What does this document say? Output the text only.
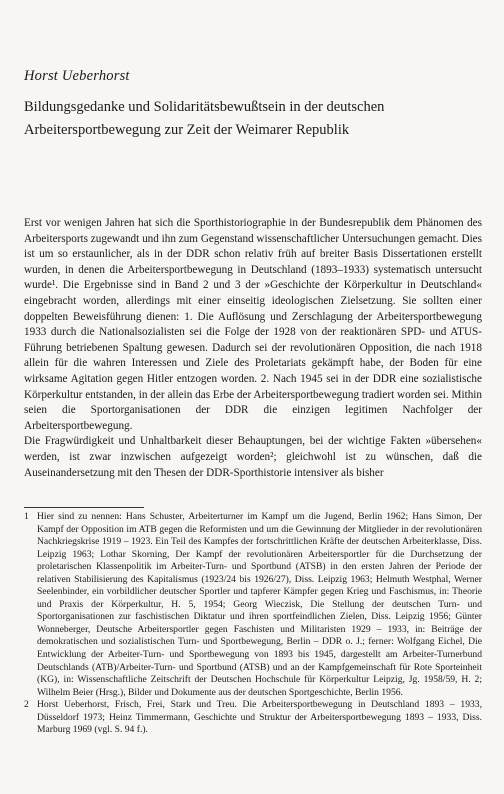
Horst Ueberhorst
Bildungsgedanke und Solidaritätsbewußtsein in der deutschen
Arbeitersportbewegung zur Zeit der Weimarer Republik

Erst vor wenigen Jahren hat sich die Sporthistoriographie in der Bundesrepublik dem Phänomen des Arbeitersports zugewandt und ihn zum Gegenstand wissenschaftlicher Untersuchungen gemacht. Dies ist um so erstaunlicher, als in der DDR schon relativ früh auf breiter Basis Dissertationen erstellt wurden, in denen die Arbeitersportbewegung in Deutschland (1893–1933) systematisch untersucht wurde¹. Die Ergebnisse sind in Band 2 und 3 der »Geschichte der Körperkultur in Deutschland« eingebracht worden, allerdings mit einer einseitig ideologischen Zielsetzung. Sie sollten einer doppelten Beweisführung dienen: 1. Die Auflösung und Zerschlagung der Arbeitersportbewegung 1933 durch die Nationalsozialisten sei die Folge der 1928 von der reaktionären SPD- und ATUS-Führung betriebenen Spaltung gewesen. Dadurch sei der revolutionären Opposition, die nach 1918 allein für die wahren Interessen und Ziele des Proletariats gekämpft habe, der Boden für eine wirksame Agitation gegen Hitler entzogen worden. 2. Nach 1945 sei in der DDR eine sozialistische Körperkultur entstanden, in der allein das Erbe der Arbeitersportbewegung tradiert worden sei. Mithin seien die Sportorganisationen der DDR die einzigen legitimen Nachfolger der Arbeitersportbewegung.

Die Fragwürdigkeit und Unhaltbarkeit dieser Behauptungen, bei der wichtige Fakten »übersehen« werden, ist zwar inzwischen aufgezeigt worden²; gleichwohl ist zu wünschen, daß die Auseinandersetzung mit den Thesen der DDR-Sporthistorie intensiver als bisher

1 Hier sind zu nennen: Hans Schuster, Arbeiterturner im Kampf um die Jugend, Berlin 1962; Hans Simon, Der Kampf der Opposition im ATB gegen die Reformisten und um die Gewinnung der Mitglieder in der revolutionären Nachkriegskrise 1919 – 1923. Ein Teil des Kampfes der fortschrittlichen Kräfte der deutschen Arbeiterklasse, Diss. Leipzig 1963; Lothar Skorning, Der Kampf der revolutionären Arbeitersportler für die Durchsetzung der proletarischen Klassenpolitik im Arbeiter-Turn- und Sportbund (ATSB) in den ersten Jahren der Periode der relativen Stabilisierung des Kapitalismus (1923/24 bis 1926/27), Diss. Leipzig 1963; Helmuth Westphal, Werner Seelenbinder, ein vorbildlicher deutscher Sportler und tapferer Kämpfer gegen Krieg und Faschismus, in: Theorie und Praxis der Körperkultur, H. 5, 1954; Georg Wieczisk, Die Stellung der deutschen Turn- und Sportorganisationen zur faschistischen Diktatur und ihren sportfeindlichen Zielen, Diss. Leipzig 1956; Günter Wonneberger, Deutsche Arbeitersportler gegen Faschisten und Militaristen 1929 – 1933, in: Beiträge der demokratischen und sozialistischen Turn- und Sportbewegung, Berlin – DDR o. J.; ferner: Wolfgang Eichel, Die Entwicklung der Arbeiter-Turn- und Sportbewegung von 1893 bis 1945, dargestellt am Arbeiter-Turnerbund Deutschlands (ATB)/Arbeiter-Turn- und Sportbund (ATSB) und an der Kampfgemeinschaft für Rote Sporteinheit (KG), in: Wissenschaftliche Zeitschrift der Deutschen Hochschule für Körperkultur Leipzig, Jg. 1958/59, H. 2; Wilhelm Beier (Hrsg.), Bilder und Dokumente aus der deutschen Sportgeschichte, Berlin 1956.
2 Horst Ueberhorst, Frisch, Frei, Stark und Treu. Die Arbeitersportbewegung in Deutschland 1893 – 1933, Düsseldorf 1973; Heinz Timmermann, Geschichte und Struktur der Arbeitersportbewegung 1893 – 1933, Diss. Marburg 1969 (vgl. S. 94 f.).
